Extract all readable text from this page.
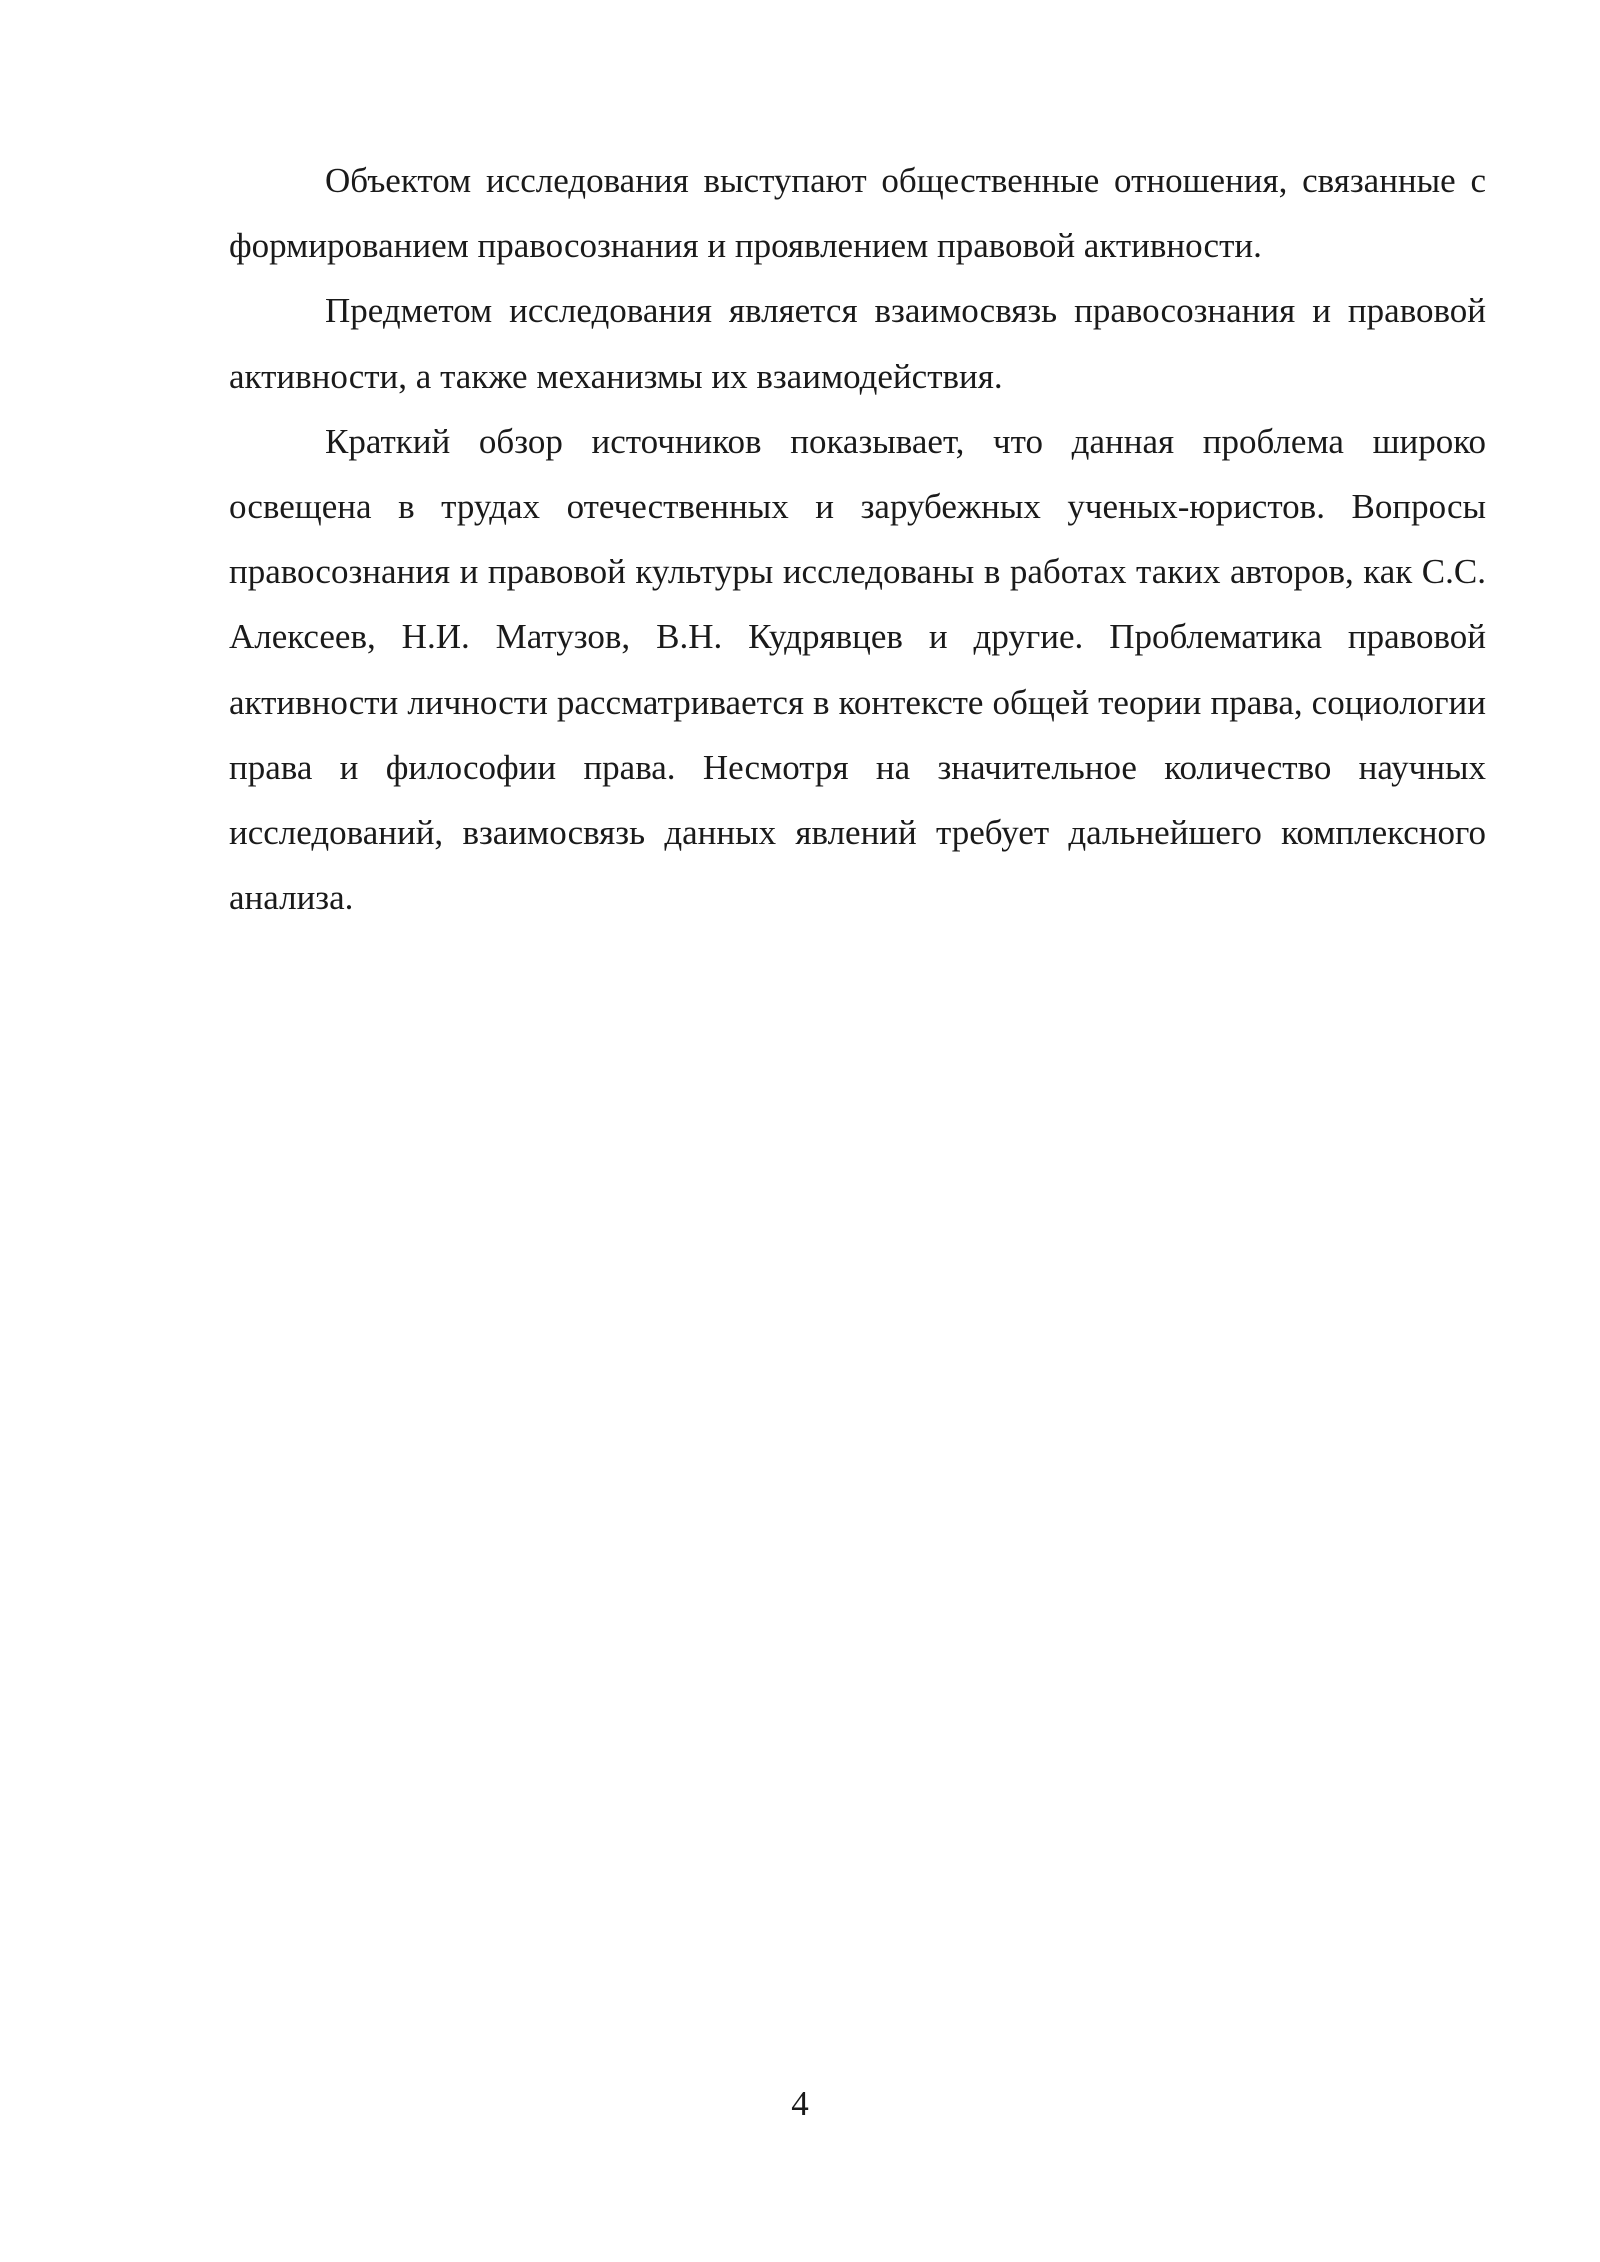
Объектом исследования выступают общественные отношения, связанные с формированием правосознания и проявлением правовой активности.

Предметом исследования является взаимосвязь правосознания и правовой активности, а также механизмы их взаимодействия.

Краткий обзор источников показывает, что данная проблема широко освещена в трудах отечественных и зарубежных ученых-юристов. Вопросы правосознания и правовой культуры исследованы в работах таких авторов, как С.С. Алексеев, Н.И. Матузов, В.Н. Кудрявцев и другие. Проблематика правовой активности личности рассматривается в контексте общей теории права, социологии права и философии права. Несмотря на значительное количество научных исследований, взаимосвязь данных явлений требует дальнейшего комплексного анализа.

4
